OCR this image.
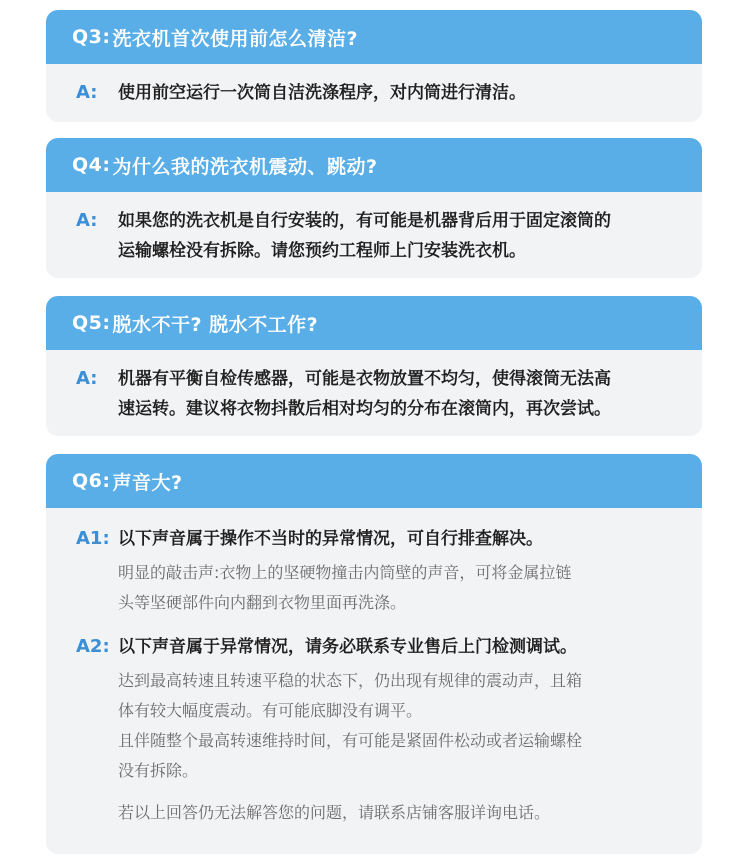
Q3: 洗衣机首次使用前怎么清洁?
A: 使用前空运行一次筒自洁洗涤程序，对内筒进行清洁。
Q4: 为什么我的洗衣机震动、跳动?
A: 如果您的洗衣机是自行安装的，有可能是机器背后用于固定滚筒的
运输螺栓没有拆除。请您预约工程师上门安装洗衣机。
Q5: 脱水不干? 脱水不工作?
A: 机器有平衡自检传感器，可能是衣物放置不均匀，使得滚筒无法高
速运转。建议将衣物抖散后相对均匀的分布在滚筒内，再次尝试。
Q6: 声音大?
A1: 以下声音属于操作不当时的异常情况，可自行排查解决。
明显的敲击声:衣物上的坚硬物撞击内筒壁的声音，可将金属拉链
头等坚硬部件向内翻到衣物里面再洗涤。
A2: 以下声音属于异常情况，请务必联系专业售后上门检测调试。
达到最高转速且转速平稳的状态下，仍出现有规律的震动声，且箱
体有较大幅度震动。有可能底脚没有调平。
且伴随整个最高转速维持时间，有可能是紧固件松动或者运输螺栓
没有拆除。
若以上回答仍无法解答您的问题，请联系店铺客服详询电话。
